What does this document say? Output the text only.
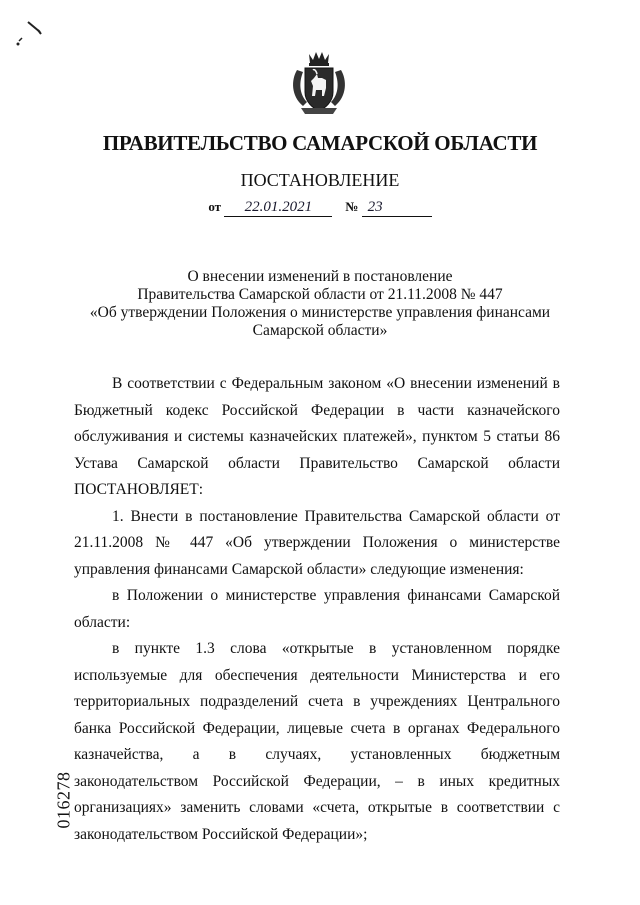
ПРАВИТЕЛЬСТВО САМАРСКОЙ ОБЛАСТИ
ПОСТАНОВЛЕНИЕ
от 22.01.2021	№ 23
О внесении изменений в постановление
Правительства Самарской области от 21.11.2008 № 447
«Об утверждении Положения о министерстве управления финансами
Самарской области»

В соответствии с Федеральным законом «О внесении изменений в Бюджетный кодекс Российской Федерации в части казначейского обслуживания и системы казначейских платежей», пунктом 5 статьи 86 Устава Самарской области Правительство Самарской области ПОСТАНОВЛЯЕТ:

1. Внести в постановление Правительства Самарской области от 21.11.2008 № 447 «Об утверждении Положения о министерстве управления финансами Самарской области» следующие изменения:

в Положении о министерстве управления финансами Самарской области:

в пункте 1.3 слова «открытые в установленном порядке используемые для обеспечения деятельности Министерства и его территориальных подразделений счета в учреждениях Центрального банка Российской Федерации, лицевые счета в органах Федерального казначейства, а в случаях, установленных бюджетным законодательством Российской Федерации, – в иных кредитных организациях» заменить словами «счета, открытые в соответствии с законодательством Российской Федерации»;

016278
